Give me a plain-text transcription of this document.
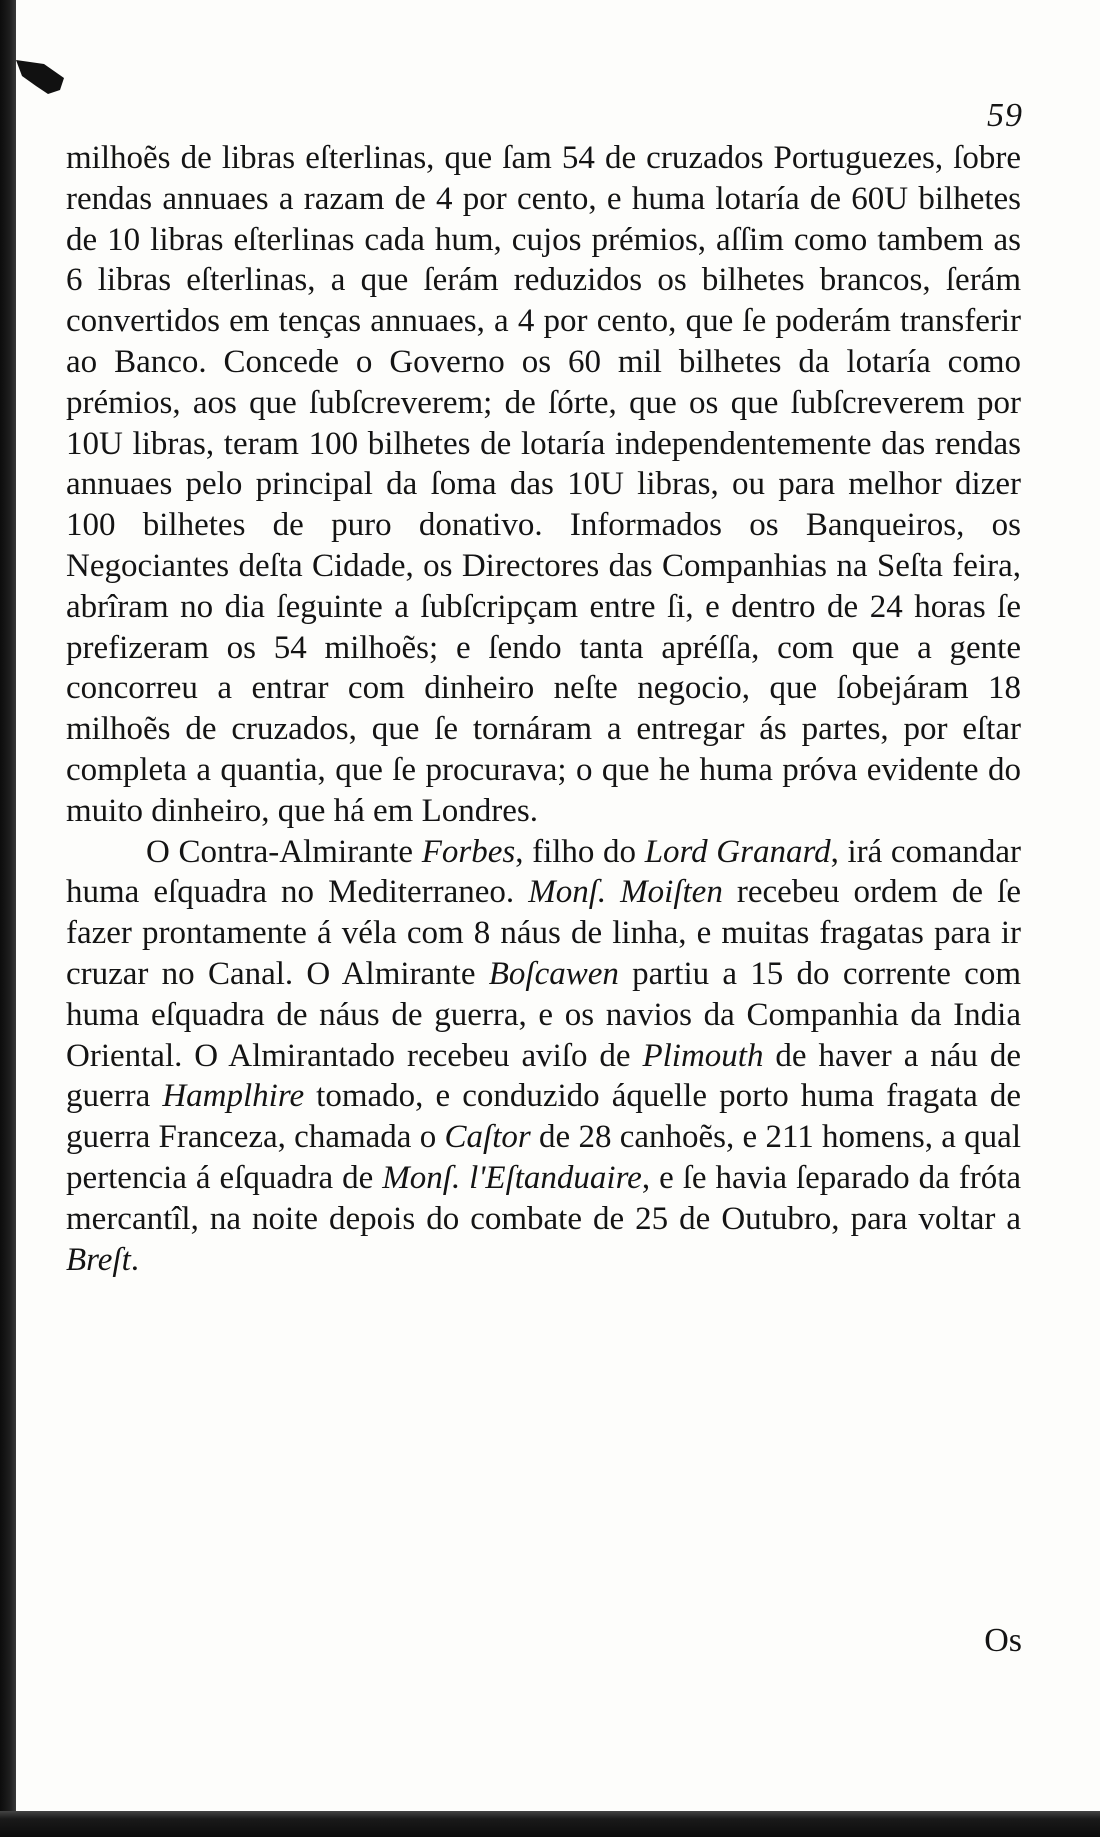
59

milhoẽs de libras eſterlinas, que ſam 54 de cruzados Portuguezes, ſobre rendas annuaes a razam de 4 por cento, e huma lotaría de 60U bilhetes de 10 libras eſterlinas cada hum, cujos prémios, aſſim como tambem as 6 libras eſterlinas, a que ſerám reduzidos os bilhetes brancos, ſerám convertidos em tenças annuaes, a 4 por cento, que ſe poderám transferir ao Banco. Concede o Governo os 60 mil bilhetes da lotaría como prémios, aos que ſubſcreverem; de ſórte, que os que ſubſcreverem por 10U libras, teram 100 bilhetes de lotaría independentemente das rendas annuaes pelo principal da ſoma das 10U libras, ou para melhor dizer 100 bilhetes de puro donativo. Informados os Banqueiros, os Negociantes deſta Cidade, os Directores das Companhias na Seſta feira, abrîram no dia ſeguinte a ſubſcripçam entre ſi, e dentro de 24 horas ſe prefizeram os 54 milhoẽs; e ſendo tanta apréſſa, com que a gente concorreu a entrar com dinheiro neſte negocio, que ſobejáram 18 milhoẽs de cruzados, que ſe tornáram a entregar ás partes, por eſtar completa a quantia, que ſe procurava; o que he huma próva evidente do muito dinheiro, que há em Londres.

O Contra-Almirante Forbes, filho do Lord Granard, irá comandar huma eſquadra no Mediterraneo. Monſ. Moiſten recebeu ordem de ſe fazer prontamente á véla com 8 náus de linha, e muitas fragatas para ir cruzar no Canal. O Almirante Boſcawen partiu a 15 do corrente com huma eſquadra de náus de guerra, e os navios da Companhia da India Oriental. O Almirantado recebeu aviſo de Plimouth de haver a náu de guerra Hamplhire tomado, e conduzido áquelle porto huma fragata de guerra Franceza, chamada o Caſtor de 28 canhoẽs, e 211 homens, a qual pertencia á eſquadra de Monſ. l'Eſtanduaire, e ſe havia ſeparado da fróta mercantîl, na noite depois do combate de 25 de Outubro, para voltar a Breſt.

Os
